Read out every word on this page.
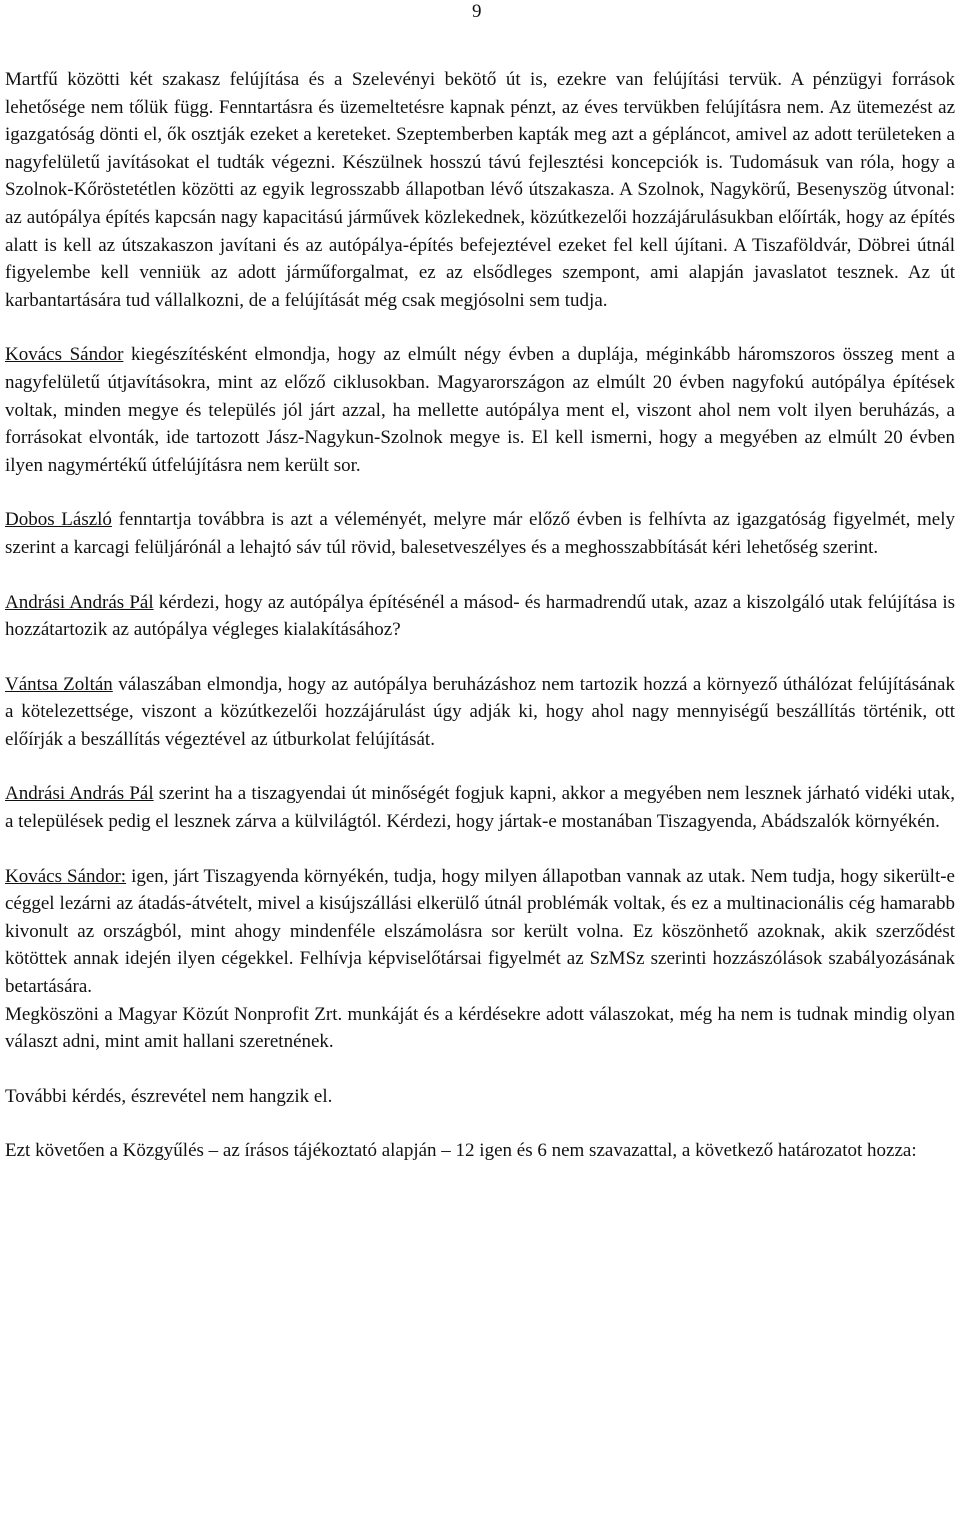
9

Martfű közötti két szakasz felújítása és a Szelevényi bekötő út is, ezekre van felújítási tervük. A pénzügyi források lehetősége nem tőlük függ. Fenntartásra és üzemeltetésre kapnak pénzt, az éves tervükben felújításra nem. Az ütemezést az igazgatóság dönti el, ők osztják ezeket a kereteket. Szeptemberben kapták meg azt a gépláncot, amivel az adott területeken a nagyfelületű javításokat el tudták végezni. Készülnek hosszú távú fejlesztési koncepciók is. Tudomásuk van róla, hogy a Szolnok-Kőröstetétlen közötti az egyik legrosszabb állapotban lévő útszakasza. A Szolnok, Nagykörű, Besenyszög útvonal: az autópálya építés kapcsán nagy kapacitású járművek közlekednek, közútkezelői hozzájárulásukban előírták, hogy az építés alatt is kell az útszakaszon javítani és az autópálya-építés befejeztével ezeket fel kell újítani. A Tiszaföldvár, Döbrei útnál figyelembe kell venniük az adott járműforgalmat, ez az elsődleges szempont, ami alapján javaslatot tesznek. Az út karbantartására tud vállalkozni, de a felújítását még csak megjósolni sem tudja.

Kovács Sándor kiegészítésként elmondja, hogy az elmúlt négy évben a duplája, méginkább háromszoros összeg ment a nagyfelületű útjavításokra, mint az előző ciklusokban. Magyarországon az elmúlt 20 évben nagyfokú autópálya építések voltak, minden megye és település jól járt azzal, ha mellette autópálya ment el, viszont ahol nem volt ilyen beruházás, a forrásokat elvonták, ide tartozott Jász-Nagykun-Szolnok megye is. El kell ismerni, hogy a megyében az elmúlt 20 évben ilyen nagymértékű útfelújításra nem került sor.

Dobos László fenntartja továbbra is azt a véleményét, melyre már előző évben is felhívta az igazgatóság figyelmét, mely szerint a karcagi felüljárónál a lehajtó sáv túl rövid, balesetveszélyes és a meghosszabbítását kéri lehetőség szerint.

Andrási András Pál kérdezi, hogy az autópálya építésénél a másod- és harmadrendű utak, azaz a kiszolgáló utak felújítása is hozzátartozik az autópálya végleges kialakításához?

Vántsa Zoltán válaszában elmondja, hogy az autópálya beruházáshoz nem tartozik hozzá a környező úthálózat felújításának a kötelezettsége, viszont a közútkezelői hozzájárulást úgy adják ki, hogy ahol nagy mennyiségű beszállítás történik, ott előírják a beszállítás végeztével az útburkolat felújítását.

Andrási András Pál szerint ha a tiszagyendai út minőségét fogjuk kapni, akkor a megyében nem lesznek járható vidéki utak, a települések pedig el lesznek zárva a külvilágtól. Kérdezi, hogy jártak-e mostanában Tiszagyenda, Abádszalók környékén.

Kovács Sándor: igen, járt Tiszagyenda környékén, tudja, hogy milyen állapotban vannak az utak. Nem tudja, hogy sikerült-e céggel lezárni az átadás-átvételt, mivel a kisújszállási elkerülő útnál problémák voltak, és ez a multinacionális cég hamarabb kivonult az országból, mint ahogy mindenféle elszámolásra sor került volna. Ez köszönhető azoknak, akik szerződést kötöttek annak idején ilyen cégekkel. Felhívja képviselőtársai figyelmét az SzMSz szerinti hozzászólások szabályozásának betartására.

Megköszöni a Magyar Közút Nonprofit Zrt. munkáját és a kérdésekre adott válaszokat, még ha nem is tudnak mindig olyan választ adni, mint amit hallani szeretnének.

További kérdés, észrevétel nem hangzik el.

Ezt követően a Közgyűlés – az írásos tájékoztató alapján – 12 igen és 6 nem szavazattal, a következő határozatot hozza:
